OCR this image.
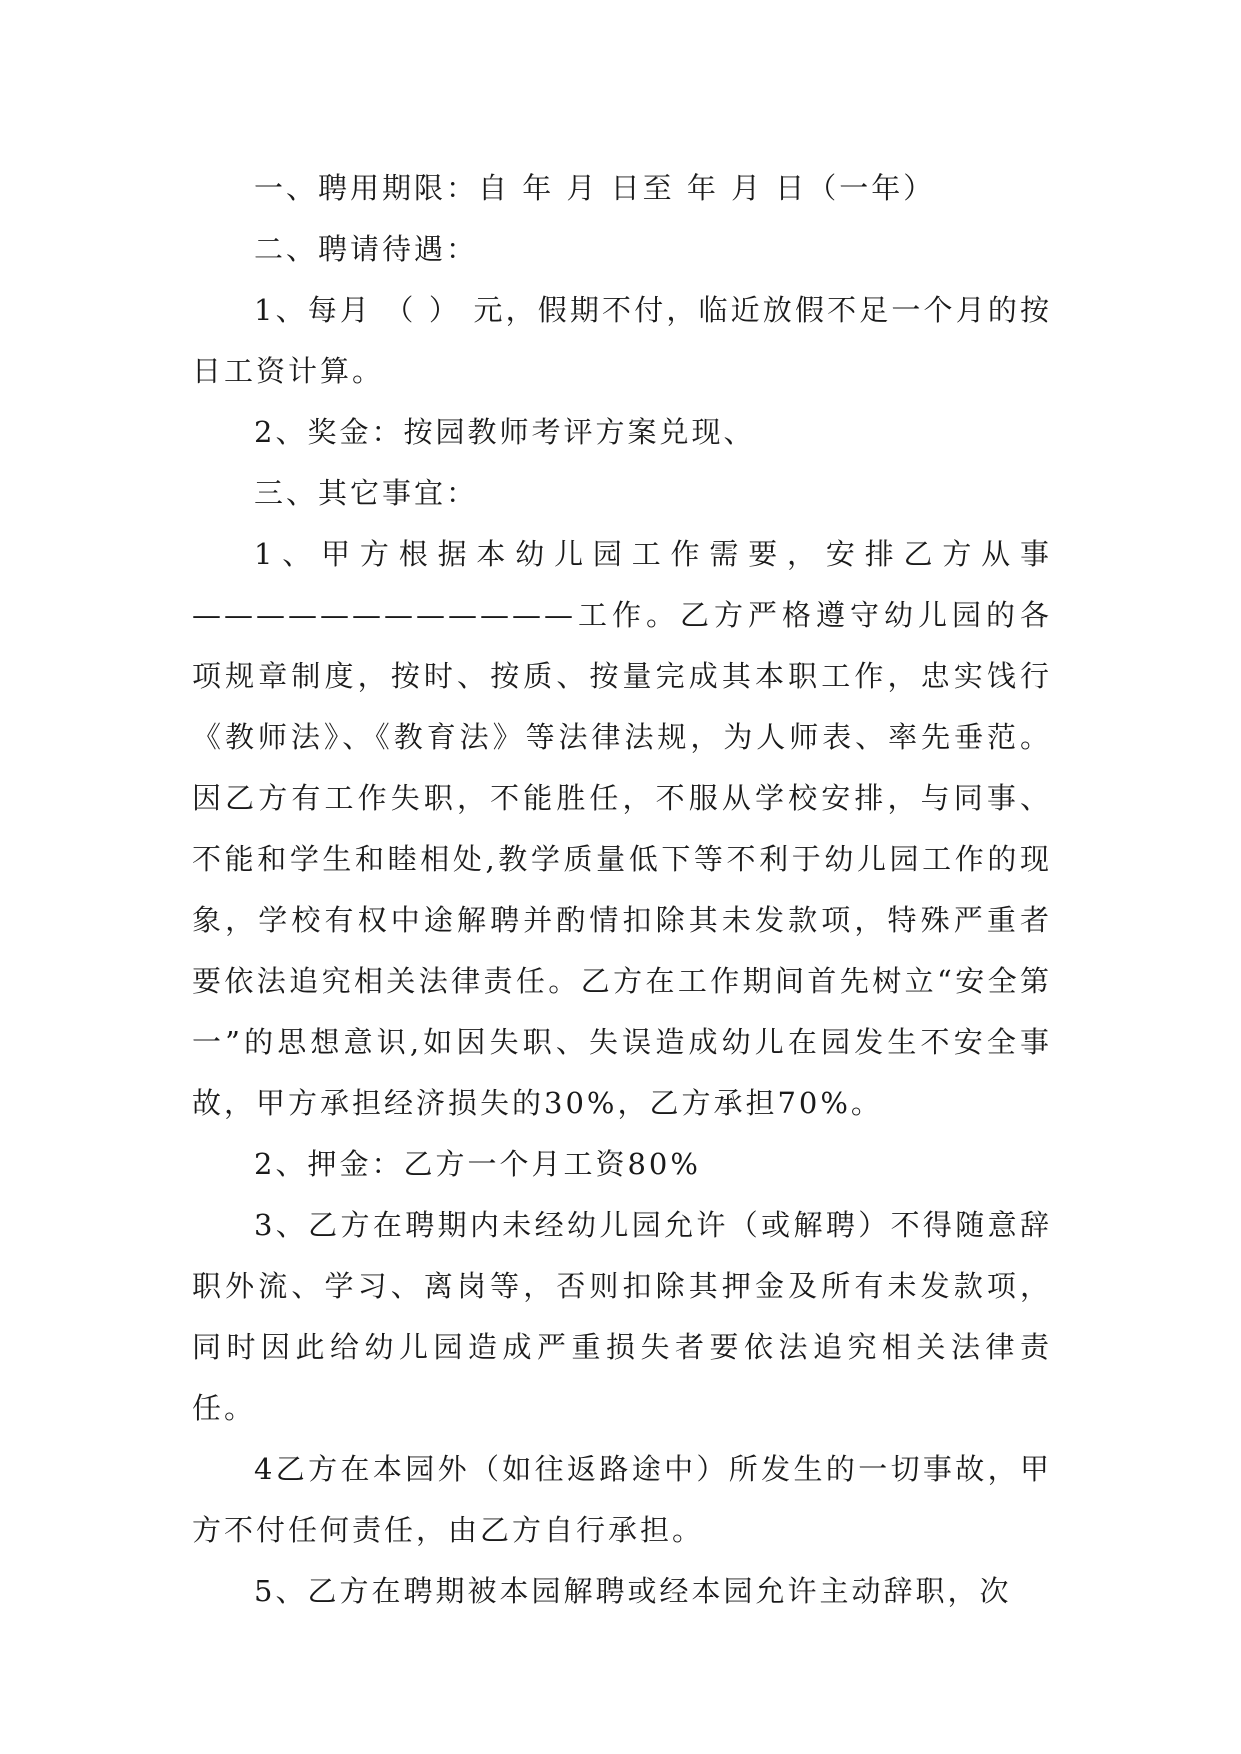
一、聘用期限：自 年 月 日至 年 月 日（一年）

二、聘请待遇：

1、每月 （ ） 元，假期不付，临近放假不足一个月的按日工资计算。

2、奖金：按园教师考评方案兑现、

三、其它事宜：

1、甲方根据本幼儿园工作需要，安排乙方从事————————————工作。乙方严格遵守幼儿园的各项规章制度，按时、按质、按量完成其本职工作，忠实饯行《教师法》、《教育法》等法律法规，为人师表、率先垂范。因乙方有工作失职，不能胜任，不服从学校安排，与同事、不能和学生和睦相处,教学质量低下等不利于幼儿园工作的现象，学校有权中途解聘并酌情扣除其未发款项，特殊严重者要依法追究相关法律责任。乙方在工作期间首先树立“安全第一”的思想意识,如因失职、失误造成幼儿在园发生不安全事故，甲方承担经济损失的30%，乙方承担70%。

2、押金：乙方一个月工资80%

3、乙方在聘期内未经幼儿园允许（或解聘）不得随意辞职外流、学习、离岗等，否则扣除其押金及所有未发款项，同时因此给幼儿园造成严重损失者要依法追究相关法律责任。

4乙方在本园外（如往返路途中）所发生的一切事故，甲方不付任何责任，由乙方自行承担。

5、乙方在聘期被本园解聘或经本园允许主动辞职，次
